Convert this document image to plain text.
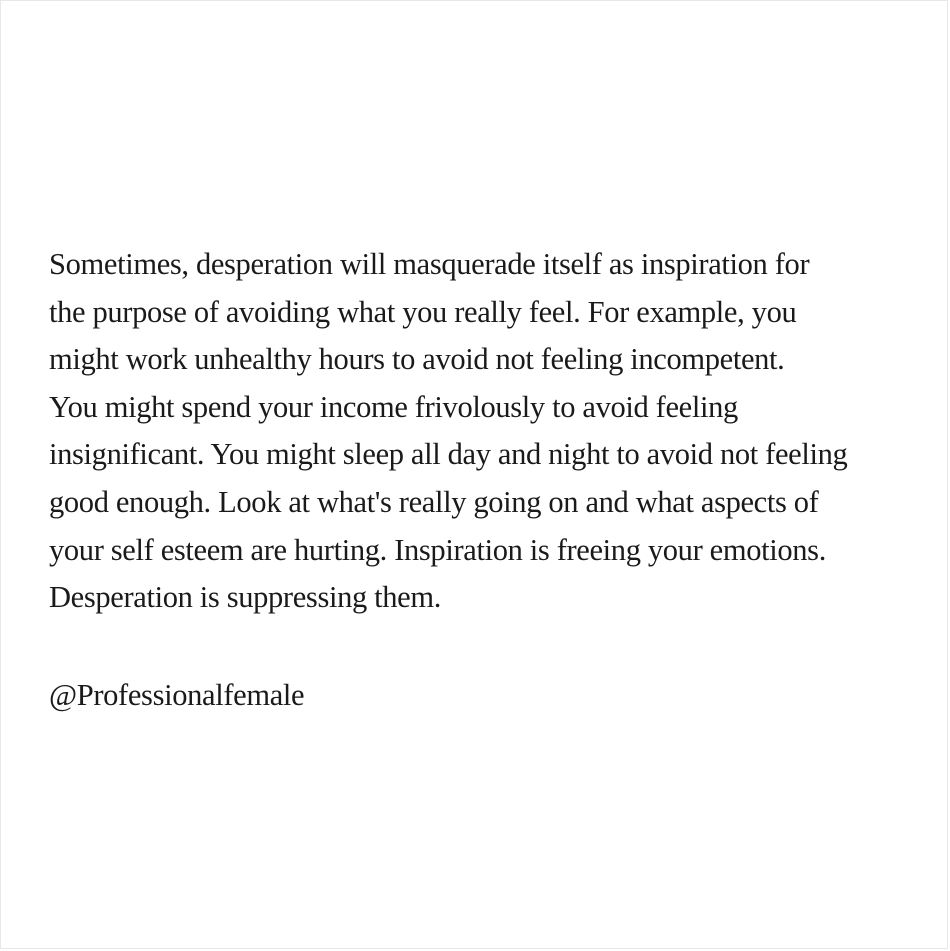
Sometimes, desperation will masquerade itself as inspiration for
the purpose of avoiding what you really feel. For example, you
might work unhealthy hours to avoid not feeling incompetent.
You might spend your income frivolously to avoid feeling
insignificant. You might sleep all day and night to avoid not feeling
good enough. Look at what's really going on and what aspects of
your self esteem are hurting. Inspiration is freeing your emotions.
Desperation is suppressing them.

@Professionalfemale
